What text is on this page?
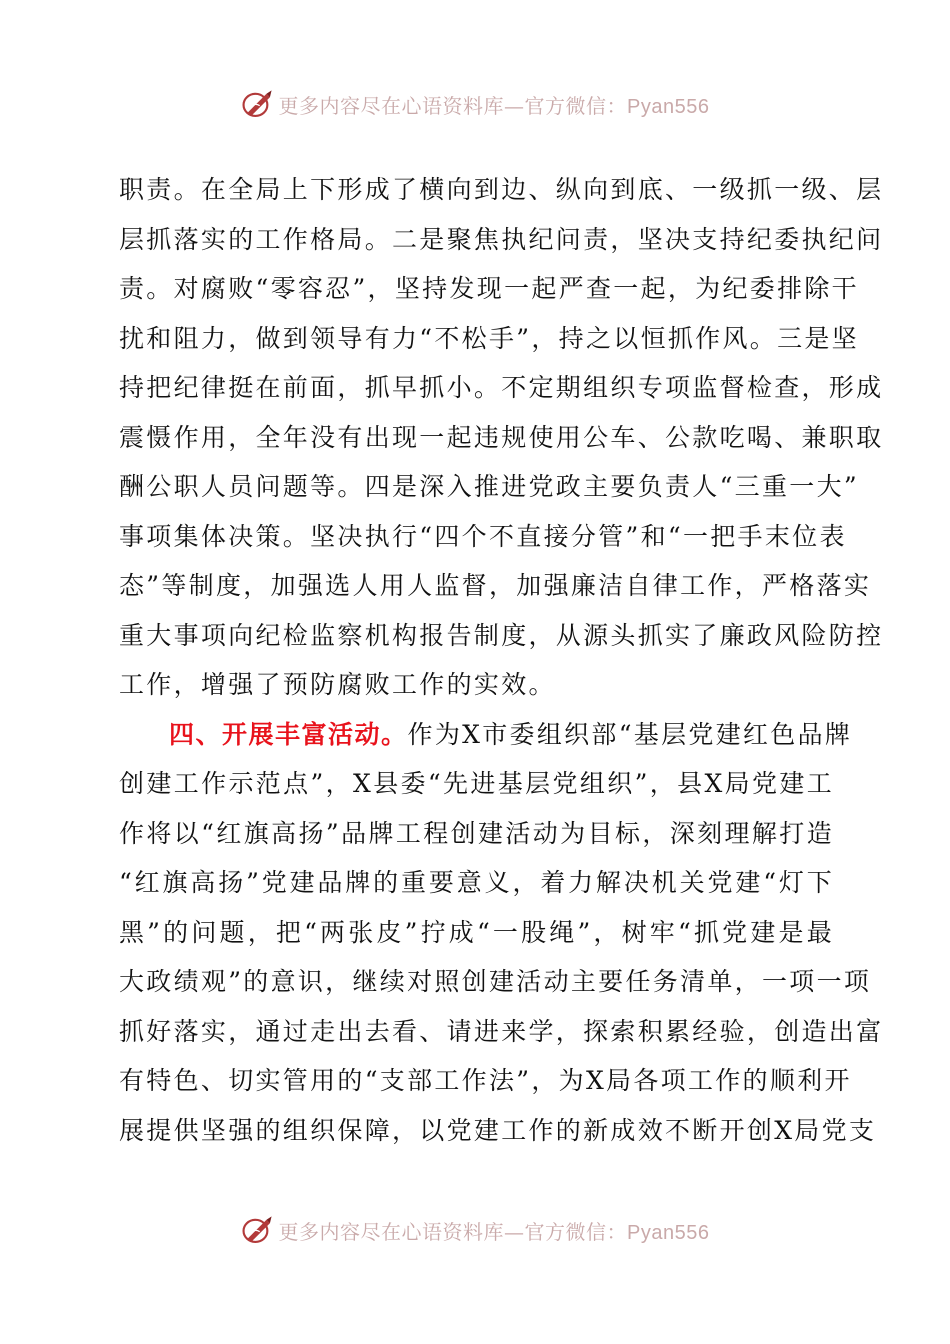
更多内容尽在心语资料库—官方微信：Pyan556
职责。在全局上下形成了横向到边、纵向到底、一级抓一级、层
层抓落实的工作格局。二是聚焦执纪问责，坚决支持纪委执纪问
责。对腐败“零容忍”，坚持发现一起严查一起，为纪委排除干
扰和阻力，做到领导有力“不松手”，持之以恒抓作风。三是坚
持把纪律挺在前面，抓早抓小。不定期组织专项监督检查，形成
震慑作用，全年没有出现一起违规使用公车、公款吃喝、兼职取
酬公职人员问题等。四是深入推进党政主要负责人“三重一大”
事项集体决策。坚决执行“四个不直接分管”和“一把手末位表
态”等制度，加强选人用人监督，加强廉洁自律工作，严格落实
重大事项向纪检监察机构报告制度，从源头抓实了廉政风险防控
工作，增强了预防腐败工作的实效。
四、开展丰富活动。作为X市委组织部“基层党建红色品牌
创建工作示范点”，X县委“先进基层党组织”，县X局党建工
作将以“红旗高扬”品牌工程创建活动为目标，深刻理解打造
“红旗高扬”党建品牌的重要意义，着力解决机关党建“灯下
黑”的问题，把“两张皮”拧成“一股绳”，树牢“抓党建是最
大政绩观”的意识，继续对照创建活动主要任务清单，一项一项
抓好落实，通过走出去看、请进来学，探索积累经验，创造出富
有特色、切实管用的“支部工作法”，为X局各项工作的顺利开
展提供坚强的组织保障，以党建工作的新成效不断开创X局党支
更多内容尽在心语资料库—官方微信：Pyan556
